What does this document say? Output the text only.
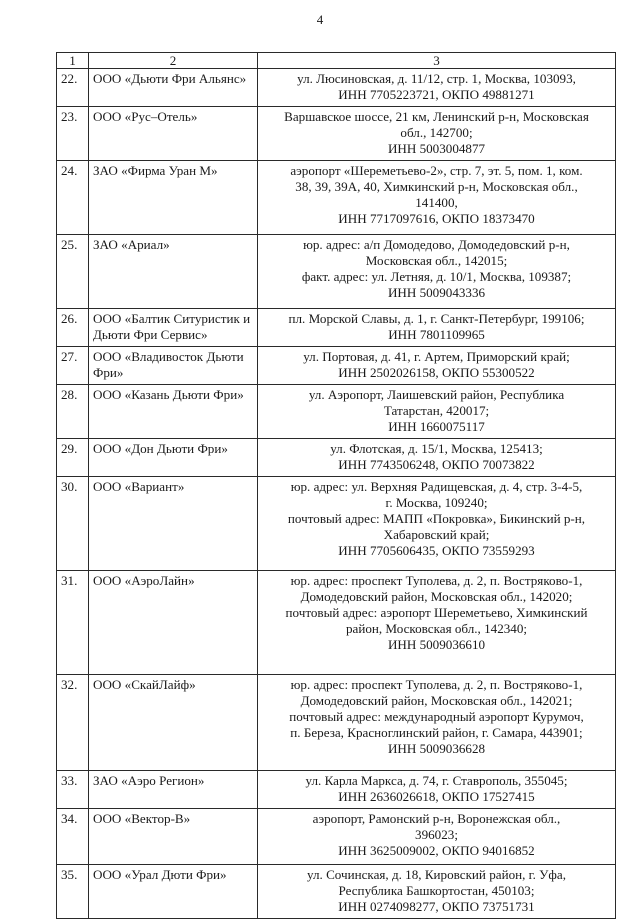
4
1	2	3
22.	ООО «Дьюти Фри Альянс»	ул. Люсиновская, д. 11/12, стр. 1, Москва, 103093,
ИНН 7705223721, ОКПО 49881271

23.	ООО «Рус–Отель»	Варшавское шоссе, 21 км, Ленинский р-н, Московская
обл., 142700;
ИНН 5003004877

24.	ЗАО «Фирма Уран М»	аэропорт «Шереметьево-2», стр. 7, эт. 5, пом. 1, ком.
38, 39, 39А, 40, Химкинский р-н, Московская обл.,
141400,
ИНН 7717097616, ОКПО 18373470

25.	ЗАО «Ариал»	юр. адрес: а/п Домодедово, Домодедовский р-н,
Московская обл., 142015;
факт. адрес: ул. Летняя, д. 10/1, Москва, 109387;
ИНН 5009043336

26.	ООО «Балтик Ситуристик и Дьюти Фри Сервис»	пл. Морской Славы, д. 1, г. Санкт-Петербург, 199106;
ИНН 7801109965

27.	ООО «Владивосток Дьюти Фри»	ул. Портовая, д. 41, г. Артем, Приморский край;
ИНН 2502026158, ОКПО 55300522

28.	ООО «Казань Дьюти Фри»	ул. Аэропорт, Лаишевский район, Республика
Татарстан, 420017;
ИНН 1660075117

29.	ООО «Дон Дьюти Фри»	ул. Флотская, д. 15/1, Москва, 125413;
ИНН 7743506248, ОКПО 70073822

30.	ООО «Вариант»	юр. адрес: ул. Верхняя Радищевская, д. 4, стр. 3-4-5,
г. Москва, 109240;
почтовый адрес: МАПП «Покровка», Бикинский р-н,
Хабаровский край;
ИНН 7705606435, ОКПО 73559293

31.	ООО «АэроЛайн»	юр. адрес: проспект Туполева, д. 2, п. Востряково-1,
Домодедовский район, Московская обл., 142020;
почтовый адрес: аэропорт Шереметьево, Химкинский
район, Московская обл., 142340;
ИНН 5009036610

32.	ООО «СкайЛайф»	юр. адрес: проспект Туполева, д. 2, п. Востряково-1,
Домодедовский район, Московская обл., 142021;
почтовый адрес: международный аэропорт Курумоч,
п. Береза, Красноглинский район, г. Самара, 443901;
ИНН 5009036628

33.	ЗАО «Аэро Регион»	ул. Карла Маркса, д. 74, г. Ставрополь, 355045;
ИНН 2636026618, ОКПО 17527415

34.	ООО «Вектор-В»	аэропорт, Рамонский р-н, Воронежская обл.,
396023;
ИНН 3625009002, ОКПО 94016852

35.	ООО «Урал Дюти Фри»	ул. Сочинская, д. 18, Кировский район, г. Уфа,
Республика Башкортостан, 450103;
ИНН 0274098277, ОКПО 73751731
